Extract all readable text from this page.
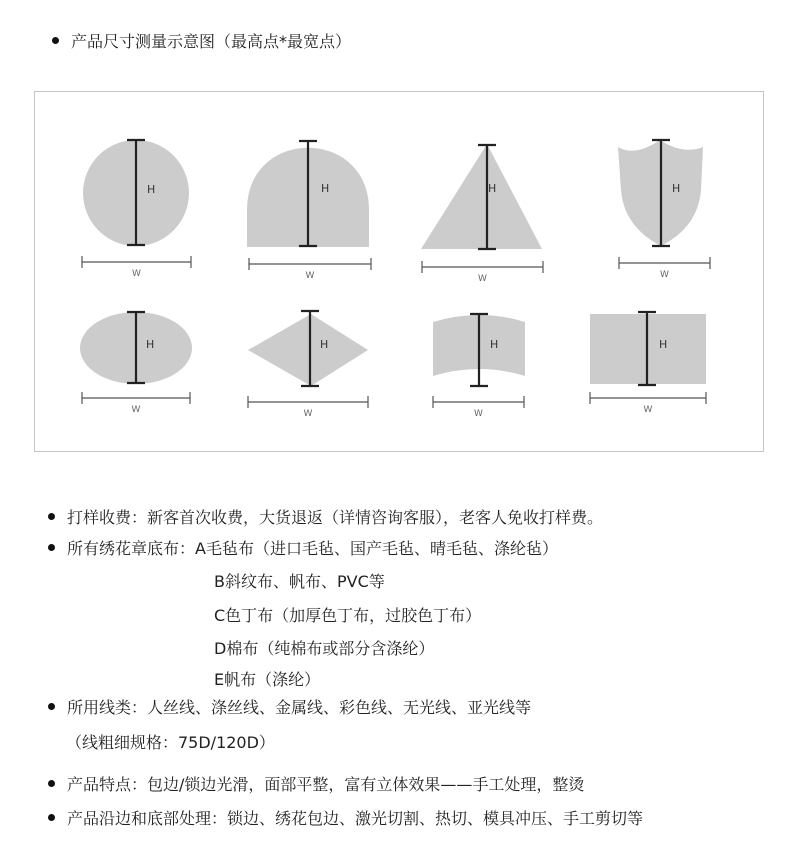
产品尺寸测量示意图（最高点*最宽点）
H
W
H
W
H
W
H
W
H
W
H
W
H
W
H
W
打样收费：新客首次收费，大货退返（详情咨询客服），老客人免收打样费。
所有绣花章底布：A毛毡布（进口毛毡、国产毛毡、晴毛毡、涤纶毡）
B斜纹布、帆布、PVC等
C色丁布（加厚色丁布，过胶色丁布）
D棉布（纯棉布或部分含涤纶）
E帆布（涤纶）
所用线类：人丝线、涤丝线、金属线、彩色线、无光线、亚光线等
（线粗细规格：75D/120D）
产品特点：包边/锁边光滑，面部平整，富有立体效果——手工处理，整烫
产品沿边和底部处理：锁边、绣花包边、激光切割、热切、模具冲压、手工剪切等
